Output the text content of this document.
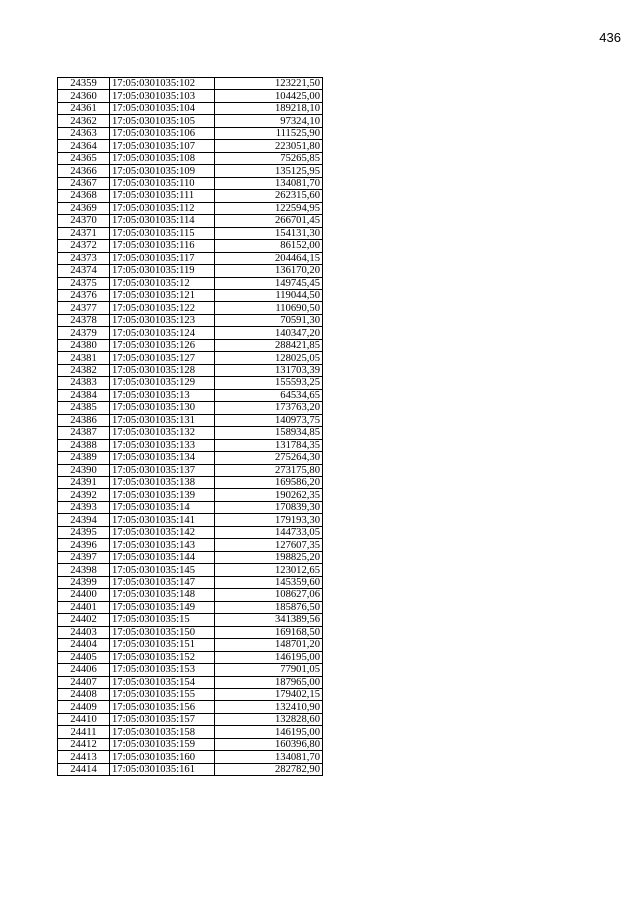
436
24359	17:05:0301035:102	123221,50
24360	17:05:0301035:103	104425,00
24361	17:05:0301035:104	189218,10
24362	17:05:0301035:105	97324,10
24363	17:05:0301035:106	111525,90
24364	17:05:0301035:107	223051,80
24365	17:05:0301035:108	75265,85
24366	17:05:0301035:109	135125,95
24367	17:05:0301035:110	134081,70
24368	17:05:0301035:111	262315,60
24369	17:05:0301035:112	122594,95
24370	17:05:0301035:114	266701,45
24371	17:05:0301035:115	154131,30
24372	17:05:0301035:116	86152,00
24373	17:05:0301035:117	204464,15
24374	17:05:0301035:119	136170,20
24375	17:05:0301035:12	149745,45
24376	17:05:0301035:121	119044,50
24377	17:05:0301035:122	110690,50
24378	17:05:0301035:123	70591,30
24379	17:05:0301035:124	140347,20
24380	17:05:0301035:126	288421,85
24381	17:05:0301035:127	128025,05
24382	17:05:0301035:128	131703,39
24383	17:05:0301035:129	155593,25
24384	17:05:0301035:13	64534,65
24385	17:05:0301035:130	173763,20
24386	17:05:0301035:131	140973,75
24387	17:05:0301035:132	158934,85
24388	17:05:0301035:133	131784,35
24389	17:05:0301035:134	275264,30
24390	17:05:0301035:137	273175,80
24391	17:05:0301035:138	169586,20
24392	17:05:0301035:139	190262,35
24393	17:05:0301035:14	170839,30
24394	17:05:0301035:141	179193,30
24395	17:05:0301035:142	144733,05
24396	17:05:0301035:143	127607,35
24397	17:05:0301035:144	198825,20
24398	17:05:0301035:145	123012,65
24399	17:05:0301035:147	145359,60
24400	17:05:0301035:148	108627,06
24401	17:05:0301035:149	185876,50
24402	17:05:0301035:15	341389,56
24403	17:05:0301035:150	169168,50
24404	17:05:0301035:151	148701,20
24405	17:05:0301035:152	146195,00
24406	17:05:0301035:153	77901,05
24407	17:05:0301035:154	187965,00
24408	17:05:0301035:155	179402,15
24409	17:05:0301035:156	132410,90
24410	17:05:0301035:157	132828,60
24411	17:05:0301035:158	146195,00
24412	17:05:0301035:159	160396,80
24413	17:05:0301035:160	134081,70
24414	17:05:0301035:161	282782,90
